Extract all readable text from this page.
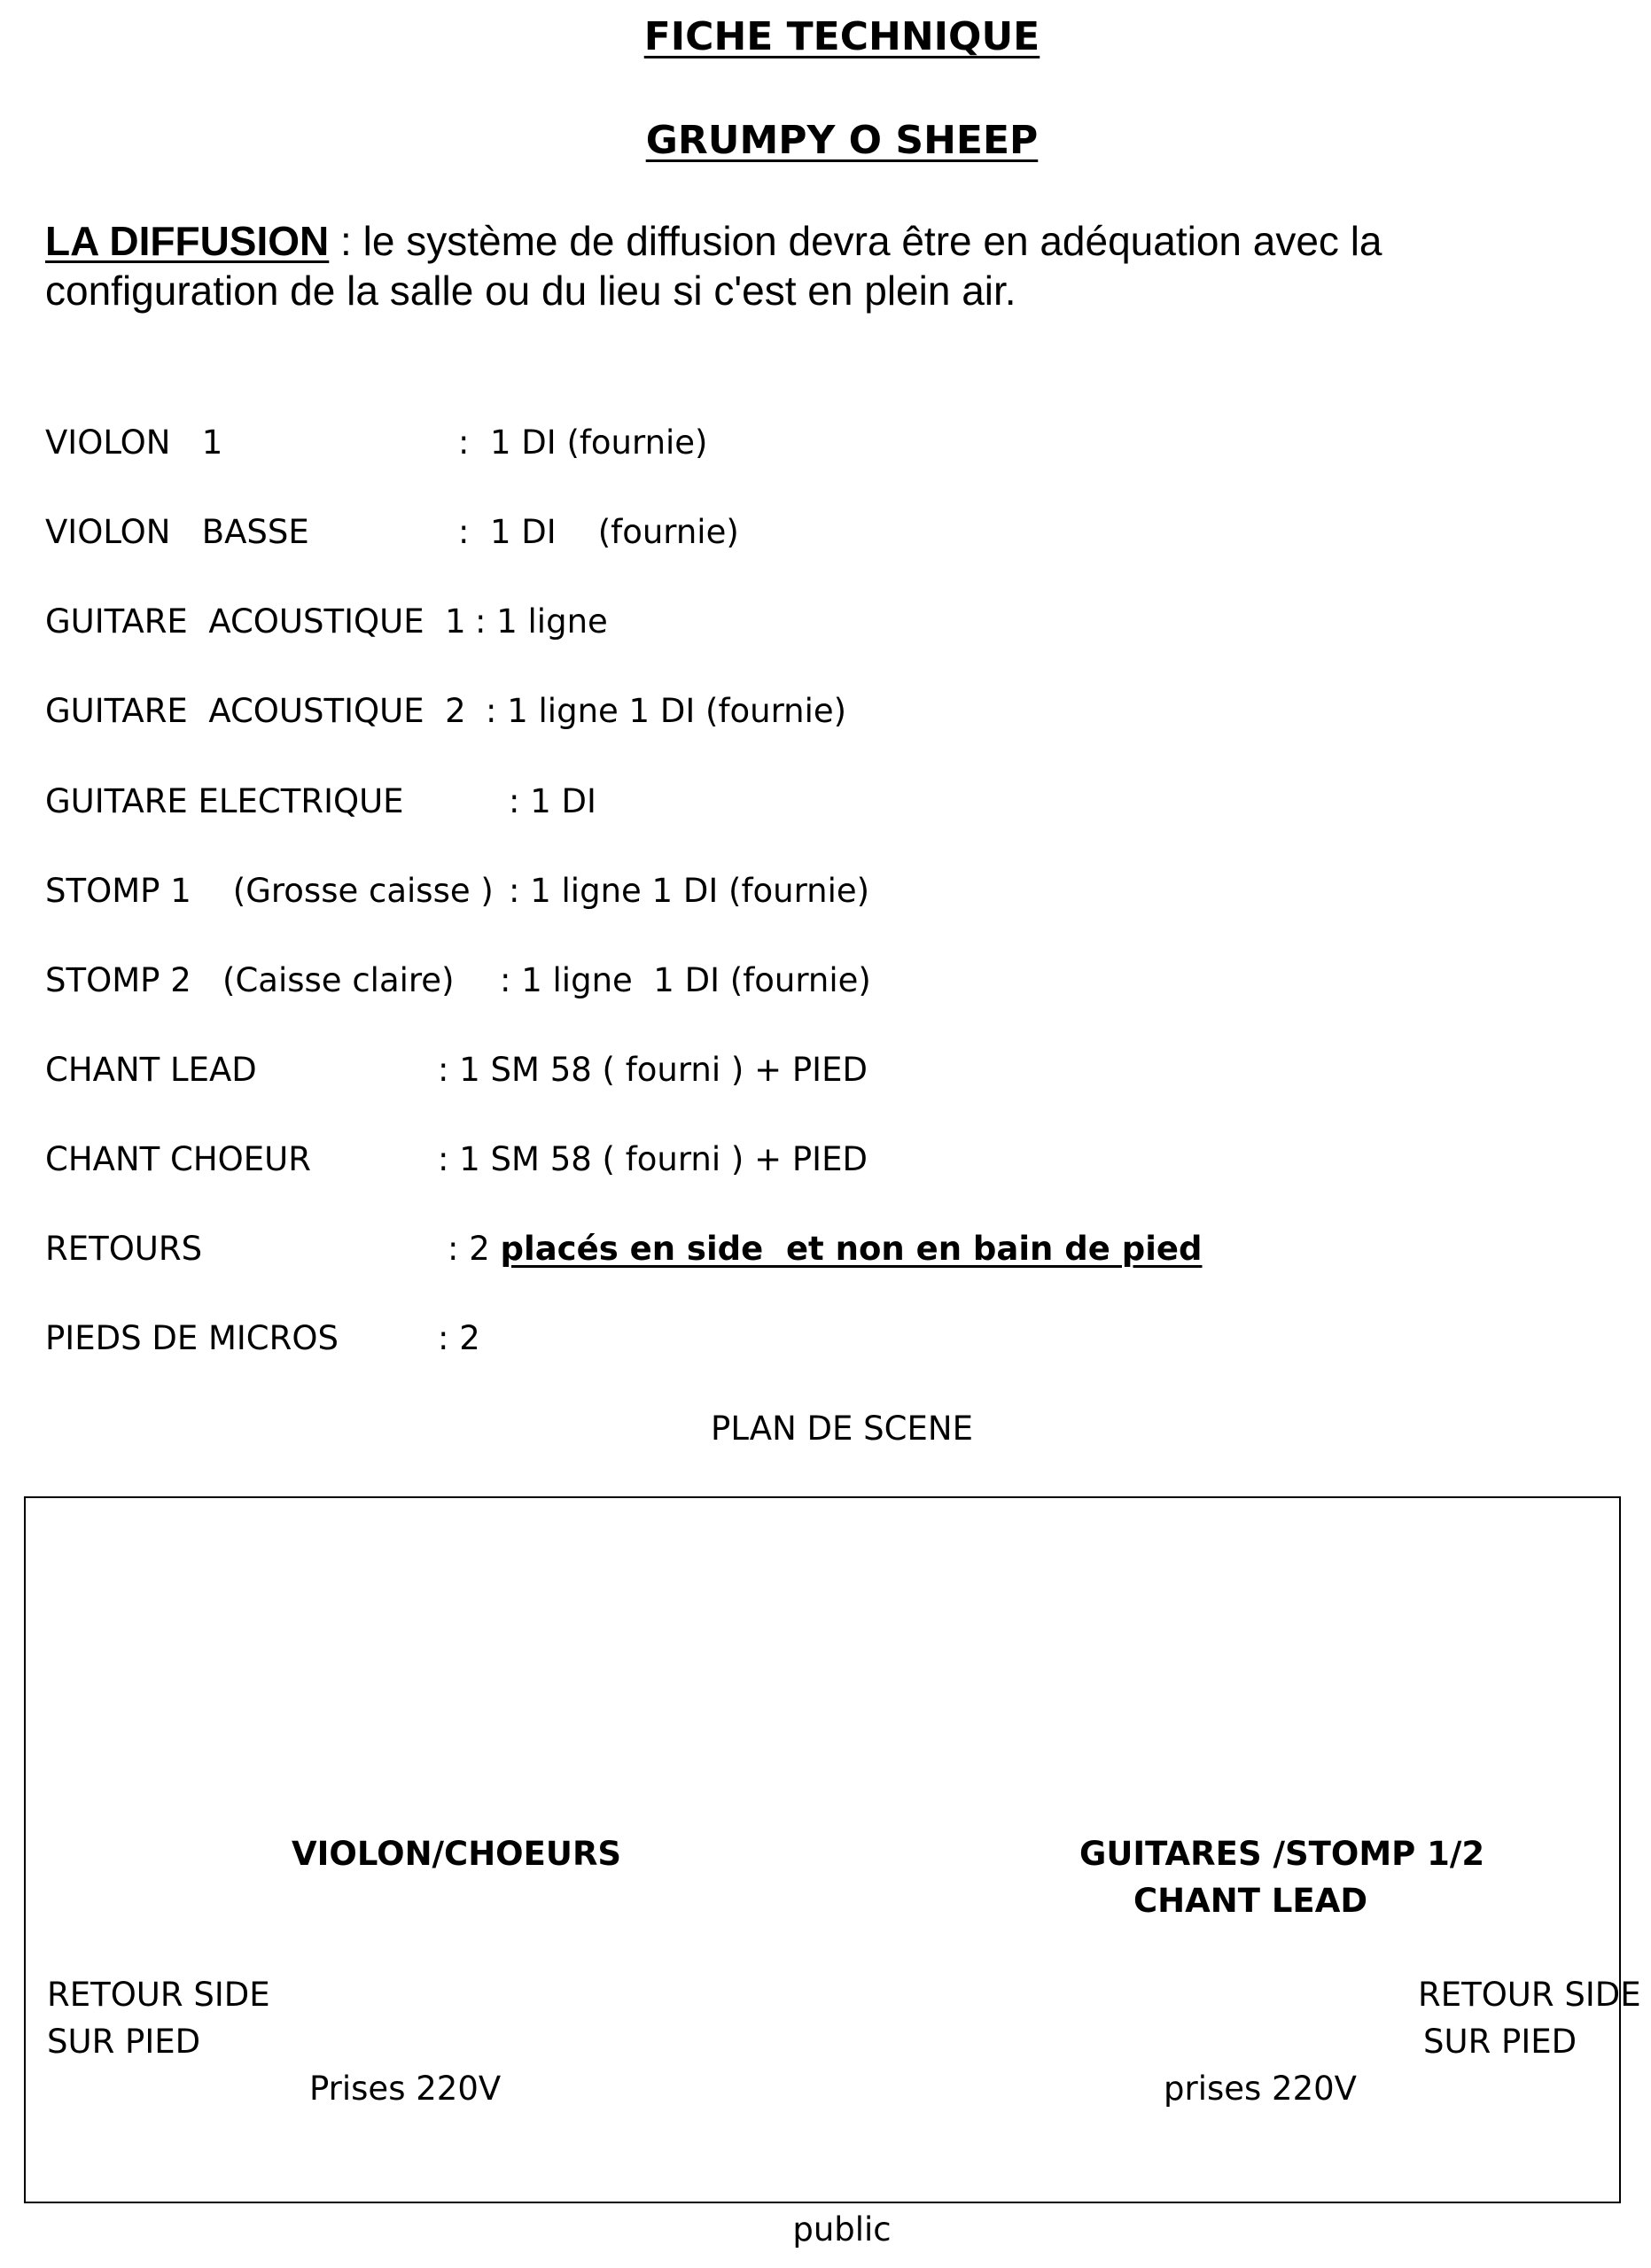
FICHE TECHNIQUE
GRUMPY O SHEEP

LA DIFFUSION : le système de diffusion devra être en adéquation avec la configuration de la salle ou du lieu si c'est en plein air.

VIOLON   1	:  1 DI (fournie)
VIOLON   BASSE	:  1 DI    (fournie)
GUITARE  ACOUSTIQUE  1 : 1 ligne
GUITARE  ACOUSTIQUE  2 : 1 ligne 1 DI (fournie)
GUITARE ELECTRIQUE	: 1 DI
STOMP 1    (Grosse caisse ) : 1 ligne 1 DI (fournie)
STOMP 2   (Caisse claire) : 1 ligne  1 DI (fournie)
CHANT LEAD	: 1 SM 58 ( fourni ) + PIED
CHANT CHOEUR	: 1 SM 58 ( fourni ) + PIED
RETOURS	: 2 placés en side  et non en bain de pied
PIEDS DE MICROS	: 2
PLAN DE SCENE
VIOLON/CHOEURS	GUITARES /STOMP 1/2
CHANT LEAD
RETOUR SIDE
SUR PIED
RETOUR SIDE
SUR PIED
Prises 220V	prises 220V
public
